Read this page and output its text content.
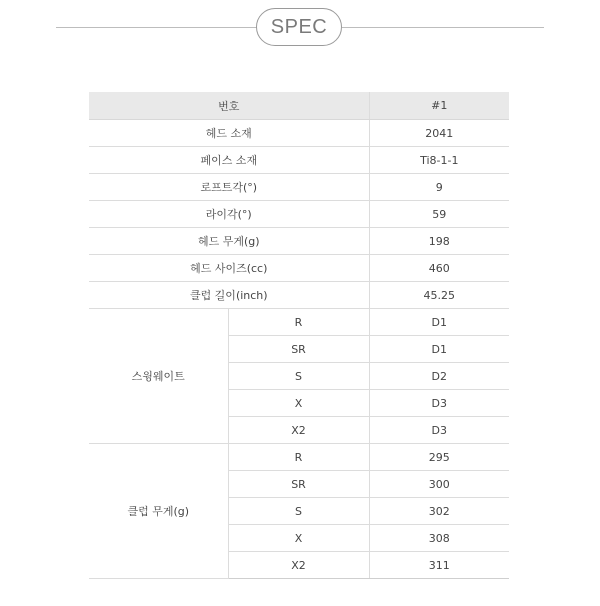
SPEC
번호		#1
헤드 소재		2041
페이스 소재		Ti8-1-1
로프트각(°)		9
라이각(°)		59
헤드 무게(g)		198
헤드 사이즈(cc)		460
클럽 길이(inch)		45.25
스윙웨이트	R	D1
	SR	D1
	S	D2
	X	D3
	X2	D3
클럽 무게(g)	R	295
	SR	300
	S	302
	X	308
	X2	311
